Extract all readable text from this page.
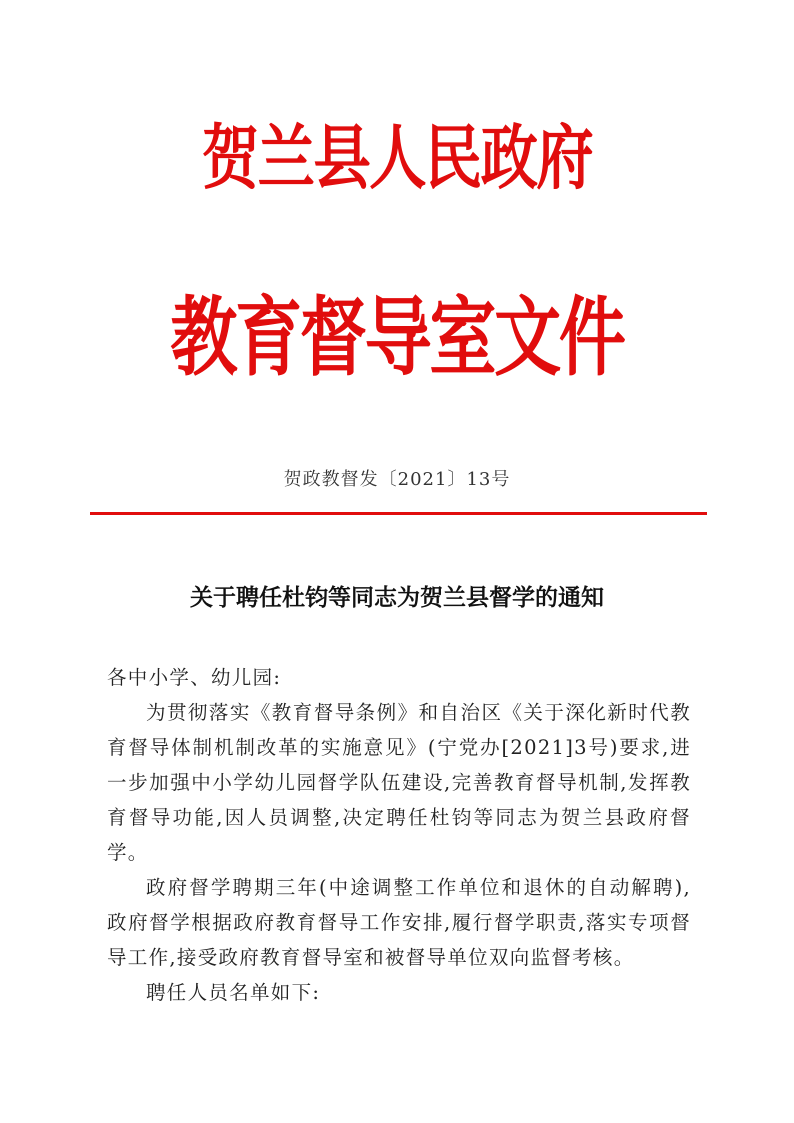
贺兰县人民政府
教育督导室文件
贺政教督发〔2021〕13号
关于聘任杜钧等同志为贺兰县督学的通知

各中小学、幼儿园:

为贯彻落实《教育督导条例》和自治区《关于深化新时代教育督导体制机制改革的实施意见》(宁党办[2021]3号)要求,进一步加强中小学幼儿园督学队伍建设,完善教育督导机制,发挥教育督导功能,因人员调整,决定聘任杜钧等同志为贺兰县政府督学。

政府督学聘期三年(中途调整工作单位和退休的自动解聘),政府督学根据政府教育督导工作安排,履行督学职责,落实专项督导工作,接受政府教育督导室和被督导单位双向监督考核。

聘任人员名单如下:
